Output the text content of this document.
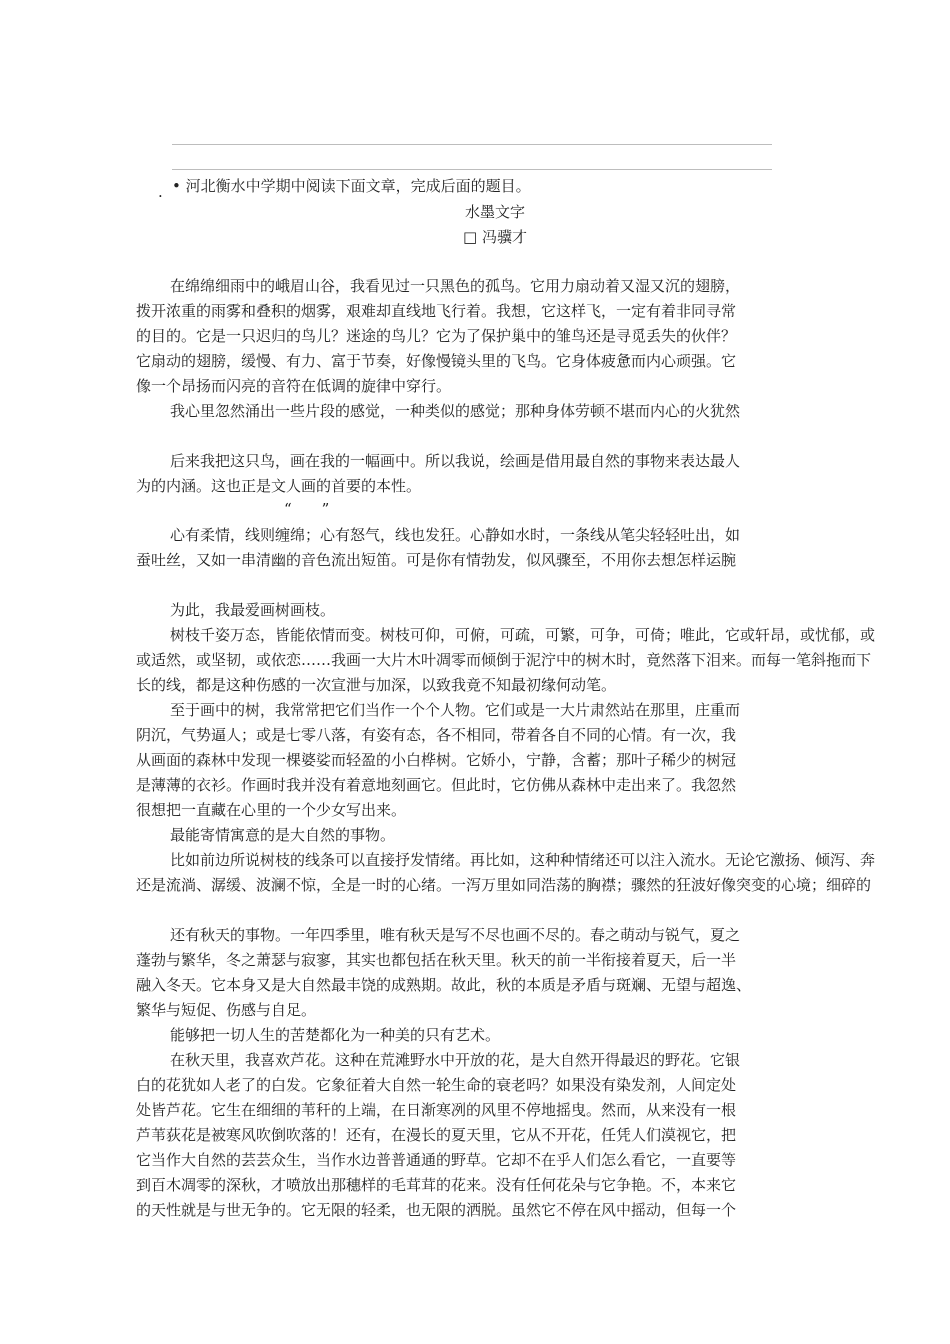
. • 河北衡水中学期中阅读下面文章，完成后面的题目。
水墨文字
□ 冯骥才
在绵绵细雨中的峨眉山谷，我看见过一只黑色的孤鸟。它用力扇动着又湿又沉的翅膀，
拨开浓重的雨雾和叠积的烟雾，艰难却直线地飞行着。我想，它这样飞，一定有着非同寻常
的目的。它是一只迟归的鸟儿？迷途的鸟儿？它为了保护巢中的雏鸟还是寻觅丢失的伙伴？
它扇动的翅膀，缓慢、有力、富于节奏，好像慢镜头里的飞鸟。它身体疲惫而内心顽强。它
像一个昂扬而闪亮的音符在低调的旋律中穿行。
我心里忽然涌出一些片段的感觉，一种类似的感觉；那种身体劳顿不堪而内心的火犹然
后来我把这只鸟，画在我的一幅画中。所以我说，绘画是借用最自然的事物来表达最人
为的内涵。这也正是文人画的首要的本性。
“　　”
心有柔情，线则缠绵；心有怒气，线也发狂。心静如水时，一条线从笔尖轻轻吐出，如
蚕吐丝，又如一串清幽的音色流出短笛。可是你有情勃发，似风骤至，不用你去想怎样运腕
为此，我最爱画树画枝。
树枝千姿万态，皆能依情而变。树枝可仰，可俯，可疏，可繁，可争，可倚；唯此，它或轩昂，或忧郁，或
或适然，或坚韧，或依恋……我画一大片木叶凋零而倾倒于泥泞中的树木时，竟然落下泪来。而每一笔斜拖而下
长的线，都是这种伤感的一次宣泄与加深，以致我竟不知最初缘何动笔。
至于画中的树，我常常把它们当作一个个人物。它们或是一大片肃然站在那里，庄重而
阴沉，气势逼人；或是七零八落，有姿有态，各不相同，带着各自不同的心情。有一次，我
从画面的森林中发现一棵婆娑而轻盈的小白桦树。它娇小，宁静，含蓄；那叶子稀少的树冠
是薄薄的衣衫。作画时我并没有着意地刻画它。但此时，它仿佛从森林中走出来了。我忽然
很想把一直藏在心里的一个少女写出来。
最能寄情寓意的是大自然的事物。
比如前边所说树枝的线条可以直接抒发情绪。再比如，这种种情绪还可以注入流水。无论它激扬、倾泻、奔
还是流淌、潺缓、波澜不惊，全是一时的心绪。一泻万里如同浩荡的胸襟；骤然的狂波好像突变的心境；细碎的
还有秋天的事物。一年四季里，唯有秋天是写不尽也画不尽的。春之萌动与锐气，夏之
蓬勃与繁华，冬之萧瑟与寂寥，其实也都包括在秋天里。秋天的前一半衔接着夏天，后一半
融入冬天。它本身又是大自然最丰饶的成熟期。故此，秋的本质是矛盾与斑斓、无望与超逸、
繁华与短促、伤感与自足。
能够把一切人生的苦楚都化为一种美的只有艺术。
在秋天里，我喜欢芦花。这种在荒滩野水中开放的花，是大自然开得最迟的野花。它银
白的花犹如人老了的白发。它象征着大自然一轮生命的衰老吗？如果没有染发剂，人间定处
处皆芦花。它生在细细的苇秆的上端，在日渐寒冽的风里不停地摇曳。然而，从来没有一根
芦苇荻花是被寒风吹倒吹落的！还有，在漫长的夏天里，它从不开花，任凭人们漠视它，把
它当作大自然的芸芸众生，当作水边普普通通的野草。它却不在乎人们怎么看它，一直要等
到百木凋零的深秋，才喷放出那穗样的毛茸茸的花来。没有任何花朵与它争艳。不，本来它
的天性就是与世无争的。它无限的轻柔，也无限的洒脱。虽然它不停在风中摇动，但每一个
